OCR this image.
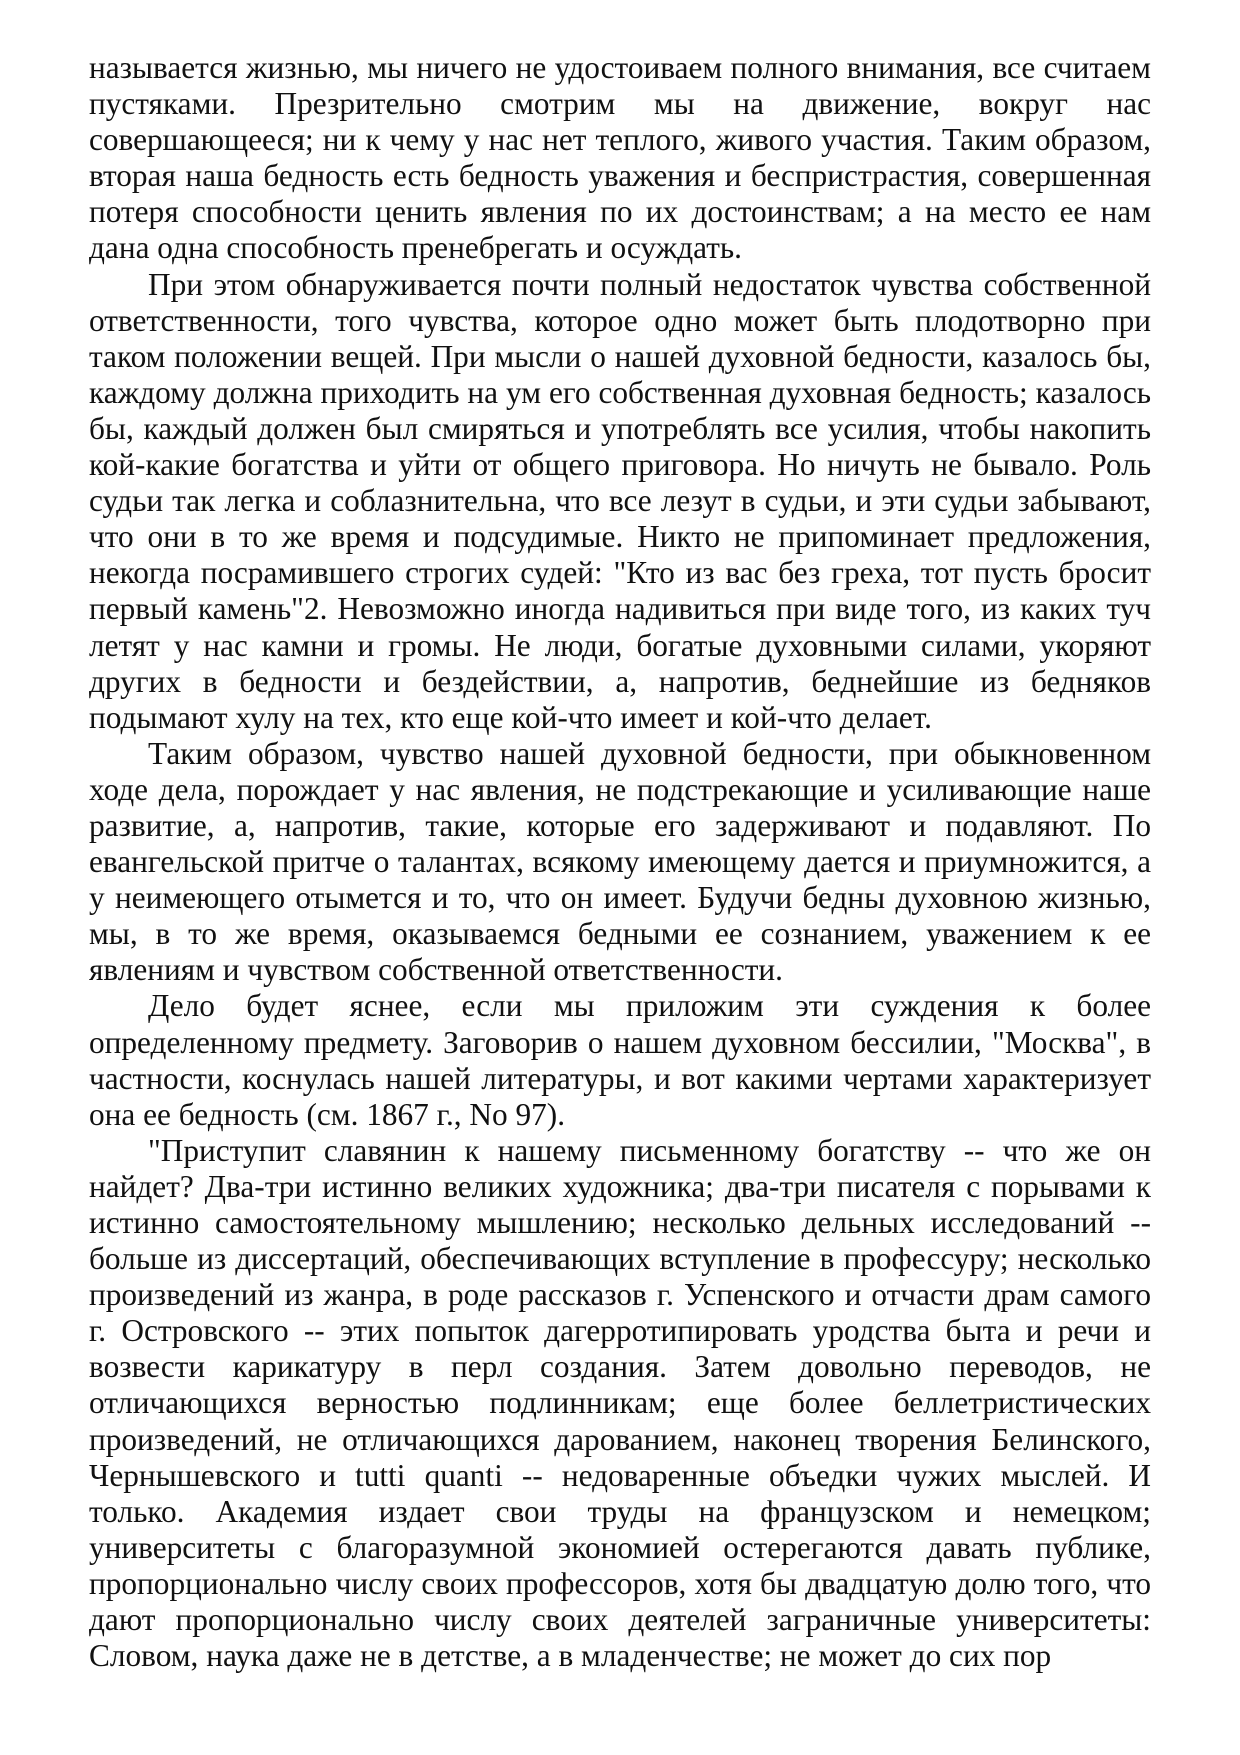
называется жизнью, мы ничего не удостоиваем полного внимания, все считаем пустяками. Презрительно смотрим мы на движение, вокруг нас совершающееся; ни к чему у нас нет теплого, живого участия. Таким образом, вторая наша бедность есть бедность уважения и беспристрастия, совершенная потеря способности ценить явления по их достоинствам; а на место ее нам дана одна способность пренебрегать и осуждать.

При этом обнаруживается почти полный недостаток чувства собственной ответственности, того чувства, которое одно может быть плодотворно при таком положении вещей. При мысли о нашей духовной бедности, казалось бы, каждому должна приходить на ум его собственная духовная бедность; казалось бы, каждый должен был смиряться и употреблять все усилия, чтобы накопить кой-какие богатства и уйти от общего приговора. Но ничуть не бывало. Роль судьи так легка и соблазнительна, что все лезут в судьи, и эти судьи забывают, что они в то же время и подсудимые. Никто не припоминает предложения, некогда посрамившего строгих судей: "Кто из вас без греха, тот пусть бросит первый камень"2. Невозможно иногда надивиться при виде того, из каких туч летят у нас камни и громы. Не люди, богатые духовными силами, укоряют других в бедности и бездействии, а, напротив, беднейшие из бедняков подымают хулу на тех, кто еще кой-что имеет и кой-что делает.

Таким образом, чувство нашей духовной бедности, при обыкновенном ходе дела, порождает у нас явления, не подстрекающие и усиливающие наше развитие, а, напротив, такие, которые его задерживают и подавляют. По евангельской притче о талантах, всякому имеющему дается и приумножится, а у неимеющего отымется и то, что он имеет. Будучи бедны духовною жизнью, мы, в то же время, оказываемся бедными ее сознанием, уважением к ее явлениям и чувством собственной ответственности.

Дело будет яснее, если мы приложим эти суждения к более определенному предмету. Заговорив о нашем духовном бессилии, "Москва", в частности, коснулась нашей литературы, и вот какими чертами характеризует она ее бедность (см. 1867 г., No 97).

"Приступит славянин к нашему письменному богатству -- что же он найдет? Два-три истинно великих художника; два-три писателя с порывами к истинно самостоятельному мышлению; несколько дельных исследований -- больше из диссертаций, обеспечивающих вступление в профессуру; несколько произведений из жанра, в роде рассказов г. Успенского и отчасти драм самого г. Островского -- этих попыток дагерротипировать уродства быта и речи и возвести карикатуру в перл создания. Затем довольно переводов, не отличающихся верностью подлинникам; еще более беллетристических произведений, не отличающихся дарованием, наконец творения Белинского, Чернышевского и tutti quanti -- недоваренные объедки чужих мыслей. И только. Академия издает свои труды на французском и немецком; университеты с благоразумной экономией остерегаются давать публике, пропорционально числу своих профессоров, хотя бы двадцатую долю того, что дают пропорционально числу своих деятелей заграничные университеты: Словом, наука даже не в детстве, а в младенчестве; не может до сих пор
